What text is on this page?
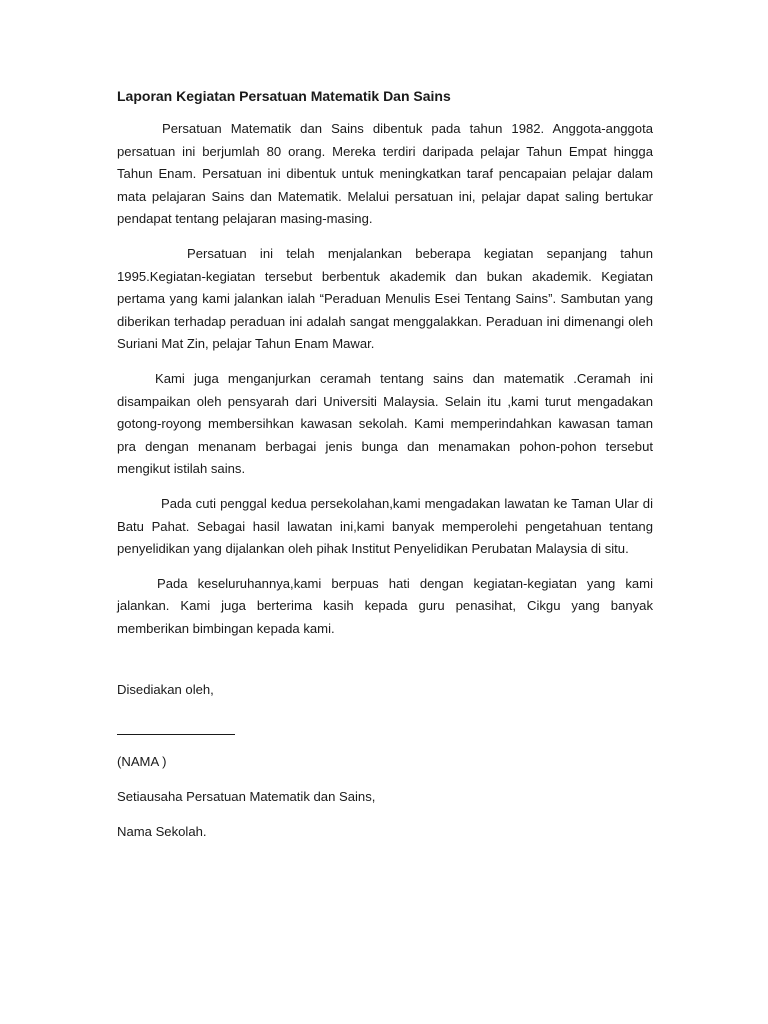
Laporan Kegiatan Persatuan Matematik Dan Sains

Persatuan Matematik dan Sains dibentuk pada tahun 1982. Anggota-anggota persatuan ini berjumlah 80 orang. Mereka terdiri daripada pelajar Tahun Empat hingga Tahun Enam. Persatuan ini dibentuk untuk meningkatkan taraf pencapaian pelajar dalam mata pelajaran Sains dan Matematik. Melalui persatuan ini, pelajar dapat saling bertukar pendapat tentang pelajaran masing-masing.

Persatuan ini telah menjalankan beberapa kegiatan sepanjang tahun 1995.Kegiatan-kegiatan tersebut berbentuk akademik dan bukan akademik. Kegiatan pertama yang kami jalankan ialah “Peraduan Menulis Esei Tentang Sains”. Sambutan yang diberikan terhadap peraduan ini adalah sangat menggalakkan. Peraduan ini dimenangi oleh Suriani Mat Zin, pelajar Tahun Enam Mawar.

Kami juga menganjurkan ceramah tentang sains dan matematik .Ceramah ini disampaikan oleh pensyarah dari Universiti Malaysia. Selain itu ,kami turut mengadakan gotong-royong membersihkan kawasan sekolah. Kami memperindahkan kawasan taman pra dengan menanam berbagai jenis bunga dan menamakan pohon-pohon tersebut mengikut istilah sains.

Pada cuti penggal kedua persekolahan,kami mengadakan lawatan ke Taman Ular di Batu Pahat. Sebagai hasil lawatan ini,kami banyak memperolehi pengetahuan tentang penyelidikan yang dijalankan oleh pihak Institut Penyelidikan Perubatan Malaysia di situ.

Pada keseluruhannya,kami berpuas hati dengan kegiatan-kegiatan yang kami jalankan. Kami juga berterima kasih kepada guru penasihat, Cikgu yang banyak memberikan bimbingan kepada kami.

Disediakan oleh,

(NAMA )

Setiausaha Persatuan Matematik dan Sains,

Nama Sekolah.
